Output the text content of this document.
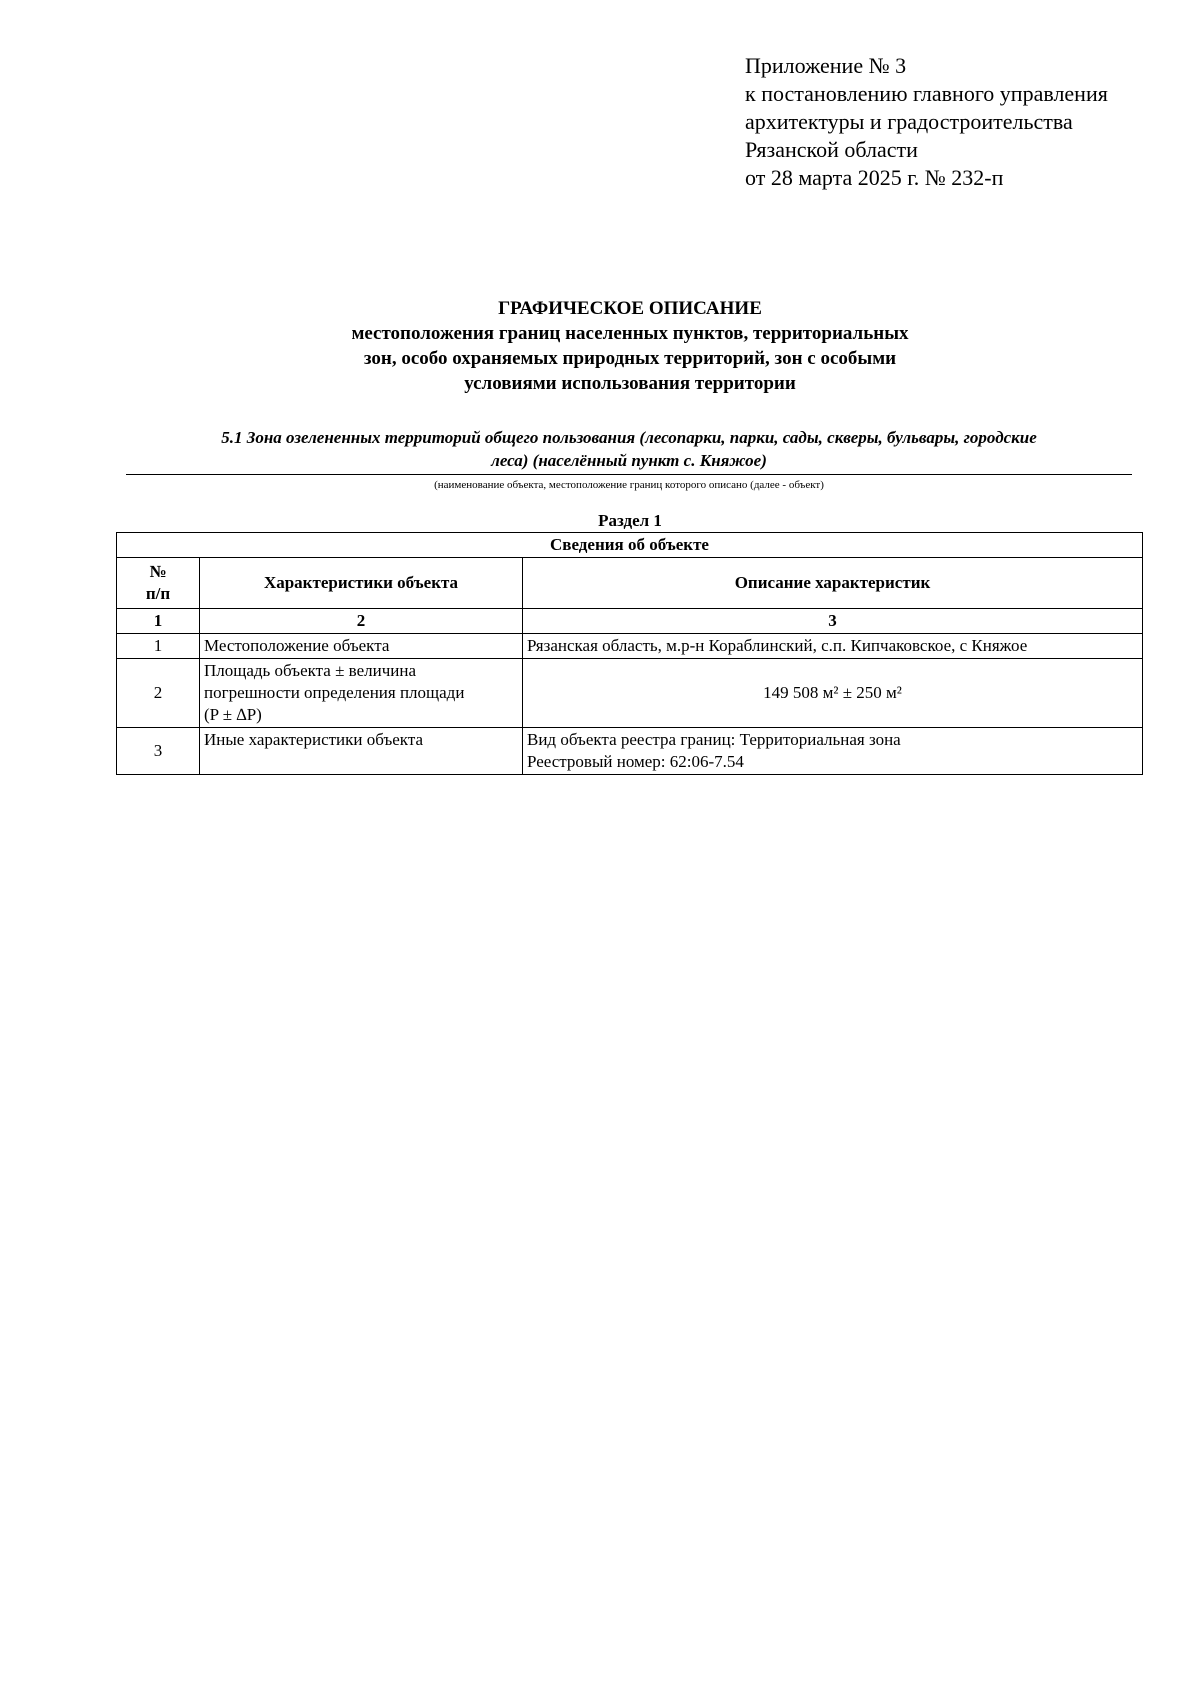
Приложение № 3
к постановлению главного управления
архитектуры и градостроительства
Рязанской области
от 28 марта 2025 г. № 232-п
ГРАФИЧЕСКОЕ ОПИСАНИЕ
местоположения границ населенных пунктов, территориальных
зон, особо охраняемых природных территорий, зон с особыми
условиями использования территории
5.1 Зона озелененных территорий общего пользования (лесопарки, парки, сады, скверы, бульвары, городские
леса) (населённый пункт с. Княжое)
(наименование объекта, местоположение границ которого описано (далее - объект)
Раздел 1
Сведения об объекте		

№
п/п	Характеристики объекта	Описание характеристик
1	2	3
1	Местоположение объекта	Рязанская область, м.р-н Кораблинский, с.п. Кипчаковское, с Княжое

2	Площадь объекта ± величина
погрешности определения площади
(P ± ∆P)	149 508 м² ± 250 м²

3	Иные характеристики объекта	Вид объекта реестра границ: Территориальная зона
Реестровый номер: 62:06-7.54
